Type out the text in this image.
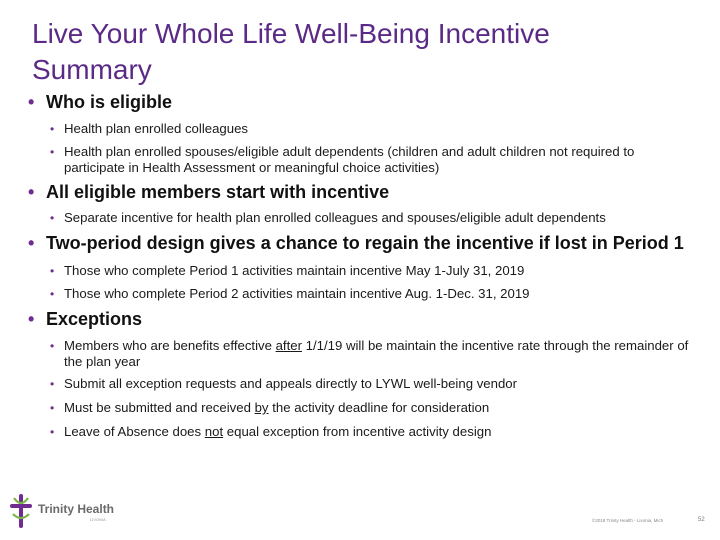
Live Your Whole Life Well-Being Incentive
Summary
• Who is eligible
• Health plan enrolled colleagues
• Health plan enrolled spouses/eligible adult dependents (children and adult children not required to participate in Health Assessment or meaningful choice activities)
• All eligible members start with incentive
• Separate incentive for health plan enrolled colleagues and spouses/eligible adult dependents
• Two-period design gives a chance to regain the incentive if lost in Period 1
• Those who complete Period 1 activities maintain incentive May 1-July 31, 2019
• Those who complete Period 2 activities maintain incentive Aug. 1-Dec. 31, 2019
• Exceptions
• Members who are benefits effective after 1/1/19 will be maintain the incentive rate through the remainder of the plan year
• Submit all exception requests and appeals directly to LYWL well-being vendor
• Must be submitted and received by the activity deadline for consideration
• Leave of Absence does not equal exception from incentive activity design
Trinity Health
LIVONIA	©2018 Trinity Health - Livonia, Mich	52
